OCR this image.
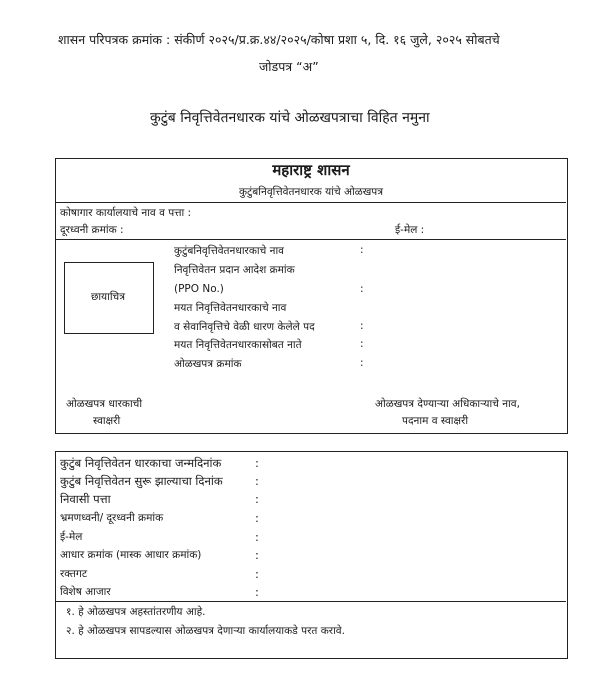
शासन परिपत्रक क्रमांक : संकीर्ण २०२५/प्र.क्र.४४/२०२५/कोषा प्रशा ५, दि. १६ जुले, २०२५ सोबतचे
जोडपत्र “अ”
कुटुंब निवृत्तिवेतनधारक यांचे ओळखपत्राचा विहित नमुना
महाराष्ट्र शासन
कुटुंबनिवृत्तिवेतनधारक यांचे ओळखपत्र
कोषागार कार्यालयाचे नाव व पत्ता :
दूरध्वनी क्रमांक :	ई-मेल :
छायाचित्र
कुटुंबनिवृत्तिवेतनधारकाचे नाव
निवृत्तिवेतन प्रदान आदेश क्रमांक
(PPO No.)
मयत निवृत्तिवेतनधारकाचे नाव
व सेवानिवृत्तिचे वेळी धारण केलेले पद
मयत निवृत्तिवेतनधारकासोबत नाते
ओळखपत्र क्रमांक
:
:
:
:
:
ओळखपत्र धारकाची
स्वाक्षरी
ओळखपत्र देण्याऱ्या अधिकाऱ्याचे नाव,
पदनाम व स्वाक्षरी
कुटुंब निवृत्तिवेतन धारकाचा जन्मदिनांक
कुटुंब निवृत्तिवेतन सुरू झाल्याचा दिनांक
निवासी पत्ता
भ्रमणध्वनी/ दूरध्वनी क्रमांक
ई-मेल
आधार क्रमांक (मास्क आधार क्रमांक)
रक्तगट
विशेष आजार
:
:
:
:
:
:
:
:
१. हे ओळखपत्र अहस्तांतरणीय आहे.
२. हे ओळखपत्र सापडल्यास ओळखपत्र देणाऱ्या कार्यालयाकडे परत करावे.
